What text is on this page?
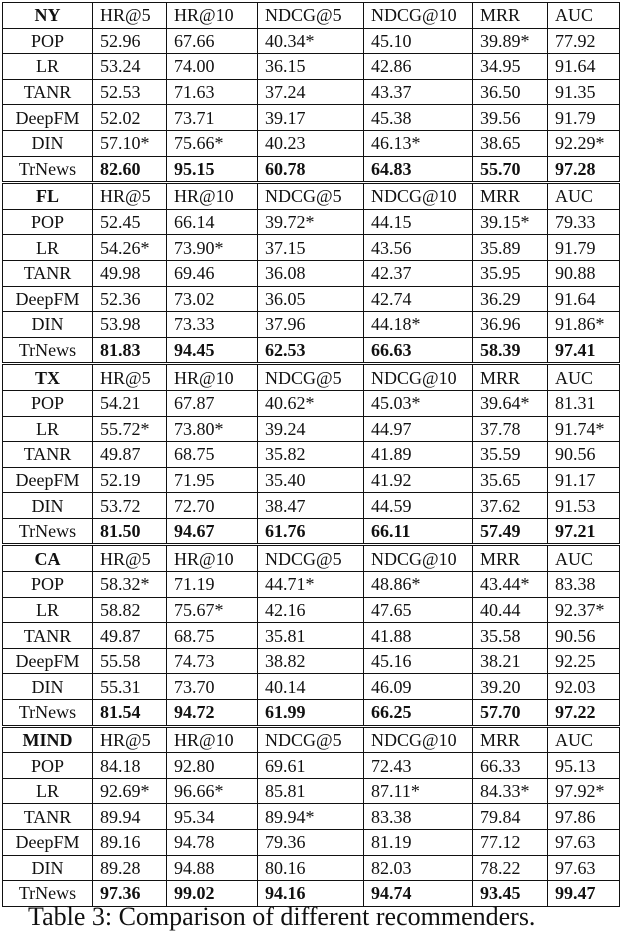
NY	HR@5	HR@10	NDCG@5	NDCG@10	MRR	AUC
POP	52.96	67.66	40.34*	45.10	39.89*	77.92
LR	53.24	74.00	36.15	42.86	34.95	91.64
TANR	52.53	71.63	37.24	43.37	36.50	91.35
DeepFM	52.02	73.71	39.17	45.38	39.56	91.79
DIN	57.10*	75.66*	40.23	46.13*	38.65	92.29*
TrNews	82.60	95.15	60.78	64.83	55.70	97.28
FL	HR@5	HR@10	NDCG@5	NDCG@10	MRR	AUC
POP	52.45	66.14	39.72*	44.15	39.15*	79.33
LR	54.26*	73.90*	37.15	43.56	35.89	91.79
TANR	49.98	69.46	36.08	42.37	35.95	90.88
DeepFM	52.36	73.02	36.05	42.74	36.29	91.64
DIN	53.98	73.33	37.96	44.18*	36.96	91.86*
TrNews	81.83	94.45	62.53	66.63	58.39	97.41
TX	HR@5	HR@10	NDCG@5	NDCG@10	MRR	AUC
POP	54.21	67.87	40.62*	45.03*	39.64*	81.31
LR	55.72*	73.80*	39.24	44.97	37.78	91.74*
TANR	49.87	68.75	35.82	41.89	35.59	90.56
DeepFM	52.19	71.95	35.40	41.92	35.65	91.17
DIN	53.72	72.70	38.47	44.59	37.62	91.53
TrNews	81.50	94.67	61.76	66.11	57.49	97.21
CA	HR@5	HR@10	NDCG@5	NDCG@10	MRR	AUC
POP	58.32*	71.19	44.71*	48.86*	43.44*	83.38
LR	58.82	75.67*	42.16	47.65	40.44	92.37*
TANR	49.87	68.75	35.81	41.88	35.58	90.56
DeepFM	55.58	74.73	38.82	45.16	38.21	92.25
DIN	55.31	73.70	40.14	46.09	39.20	92.03
TrNews	81.54	94.72	61.99	66.25	57.70	97.22
MIND	HR@5	HR@10	NDCG@5	NDCG@10	MRR	AUC
POP	84.18	92.80	69.61	72.43	66.33	95.13
LR	92.69*	96.66*	85.81	87.11*	84.33*	97.92*
TANR	89.94	95.34	89.94*	83.38	79.84	97.86
DeepFM	89.16	94.78	79.36	81.19	77.12	97.63
DIN	89.28	94.88	80.16	82.03	78.22	97.63
TrNews	97.36	99.02	94.16	94.74	93.45	99.47
Table 3: Comparison of different recommenders.
